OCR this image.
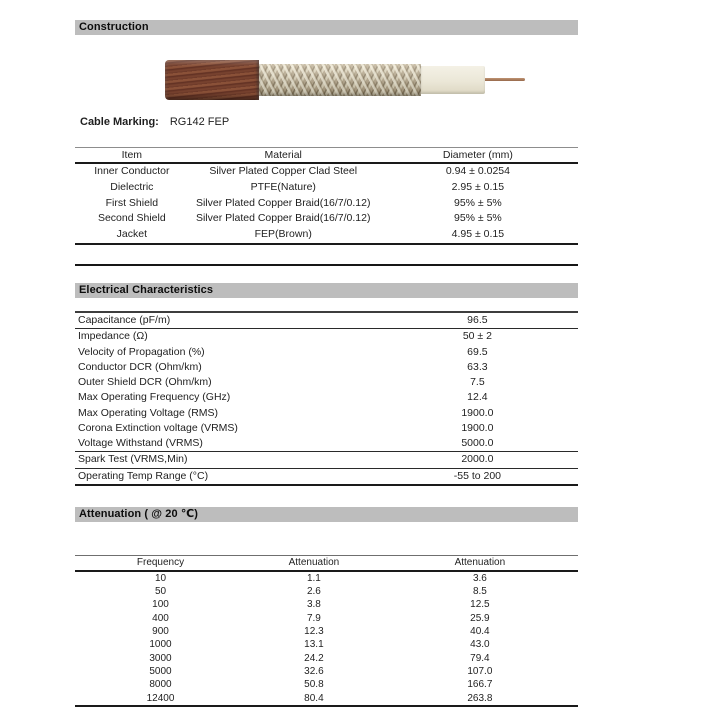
Construction
Cable Marking: RG142 FEP
Item	Material	Diameter (mm)
Inner Conductor	Silver Plated Copper Clad Steel	0.94 ± 0.0254
Dielectric	PTFE(Nature)	2.95 ± 0.15
First Shield	Silver Plated Copper Braid(16/7/0.12)	95% ± 5%
Second Shield	Silver Plated Copper Braid(16/7/0.12)	95% ± 5%
Jacket	FEP(Brown)	4.95 ± 0.15
Electrical Characteristics
Capacitance (pF/m)	96.5
Impedance (Ω)	50 ± 2
Velocity of Propagation (%)	69.5
Conductor DCR (Ohm/km)	63.3
Outer Shield DCR (Ohm/km)	7.5
Max Operating Frequency (GHz)	12.4
Max Operating Voltage (RMS)	1900.0
Corona Extinction voltage (VRMS)	1900.0
Voltage Withstand (VRMS)	5000.0
Spark Test (VRMS,Min)	2000.0
Operating Temp Range (°C)	-55 to 200
Attenuation ( @ 20 ℃)
Frequency	Attenuation	Attenuation
10	1.1	3.6
50	2.6	8.5
100	3.8	12.5
400	7.9	25.9
900	12.3	40.4
1000	13.1	43.0
3000	24.2	79.4
5000	32.6	107.0
8000	50.8	166.7
12400	80.4	263.8
